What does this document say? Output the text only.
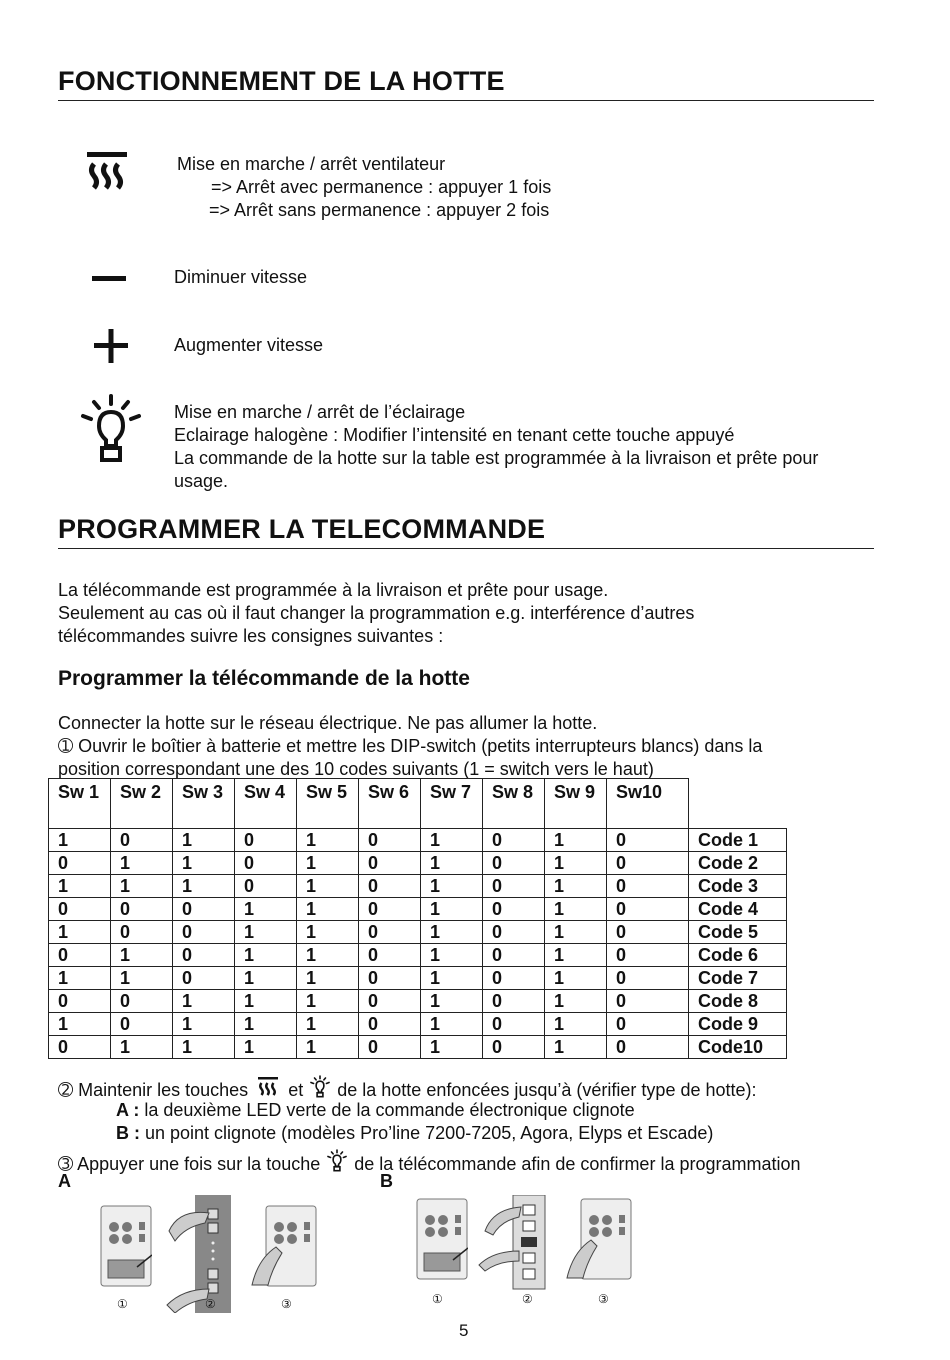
FONCTIONNEMENT DE LA HOTTE
Mise en marche / arrêt ventilateur
=> Arrêt avec permanence : appuyer 1 fois
=> Arrêt sans permanence : appuyer 2 fois
Diminuer vitesse
Augmenter vitesse
Mise en marche / arrêt de l’éclairage
Eclairage halogène : Modifier l’intensité en tenant cette touche appuyé
La commande de la hotte sur la table est programmée à la livraison et prête pour
usage.
PROGRAMMER LA TELECOMMANDE
La télécommande est programmée à la livraison et prête pour usage.
Seulement au cas où il faut changer la programmation e.g. interférence d’autres
télécommandes suivre les consignes suivantes :
Programmer la télécommande de la hotte
Connecter la hotte sur le réseau électrique. Ne pas allumer la hotte.
➀ Ouvrir le boîtier à batterie et mettre les DIP-switch (petits interrupteurs blancs) dans la
position correspondant une des 10 codes suivants (1 = switch vers le haut)
Sw 1	Sw 2	Sw 3	Sw 4	Sw 5	Sw 6	Sw 7	Sw 8	Sw 9	Sw10	
1	0	1	0	1	0	1	0	1	0	Code 1
0	1	1	0	1	0	1	0	1	0	Code 2
1	1	1	0	1	0	1	0	1	0	Code 3
0	0	0	1	1	0	1	0	1	0	Code 4
1	0	0	1	1	0	1	0	1	0	Code 5
0	1	0	1	1	0	1	0	1	0	Code 6
1	1	0	1	1	0	1	0	1	0	Code 7
0	0	1	1	1	0	1	0	1	0	Code 8
1	0	1	1	1	0	1	0	1	0	Code 9
0	1	1	1	1	0	1	0	1	0	Code10
➁ Maintenir les touches et de la hotte enfoncées jusqu’à (vérifier type de hotte):
A : la deuxième LED verte de la commande électronique clignote
B : un point clignote (modèles Pro’line 7200-7205, Agora, Elyps et Escade)
➂ Appuyer une fois sur la touche de la télécommande afin de confirmer la programmation
A	B
①	②	③	①	②	③
5
